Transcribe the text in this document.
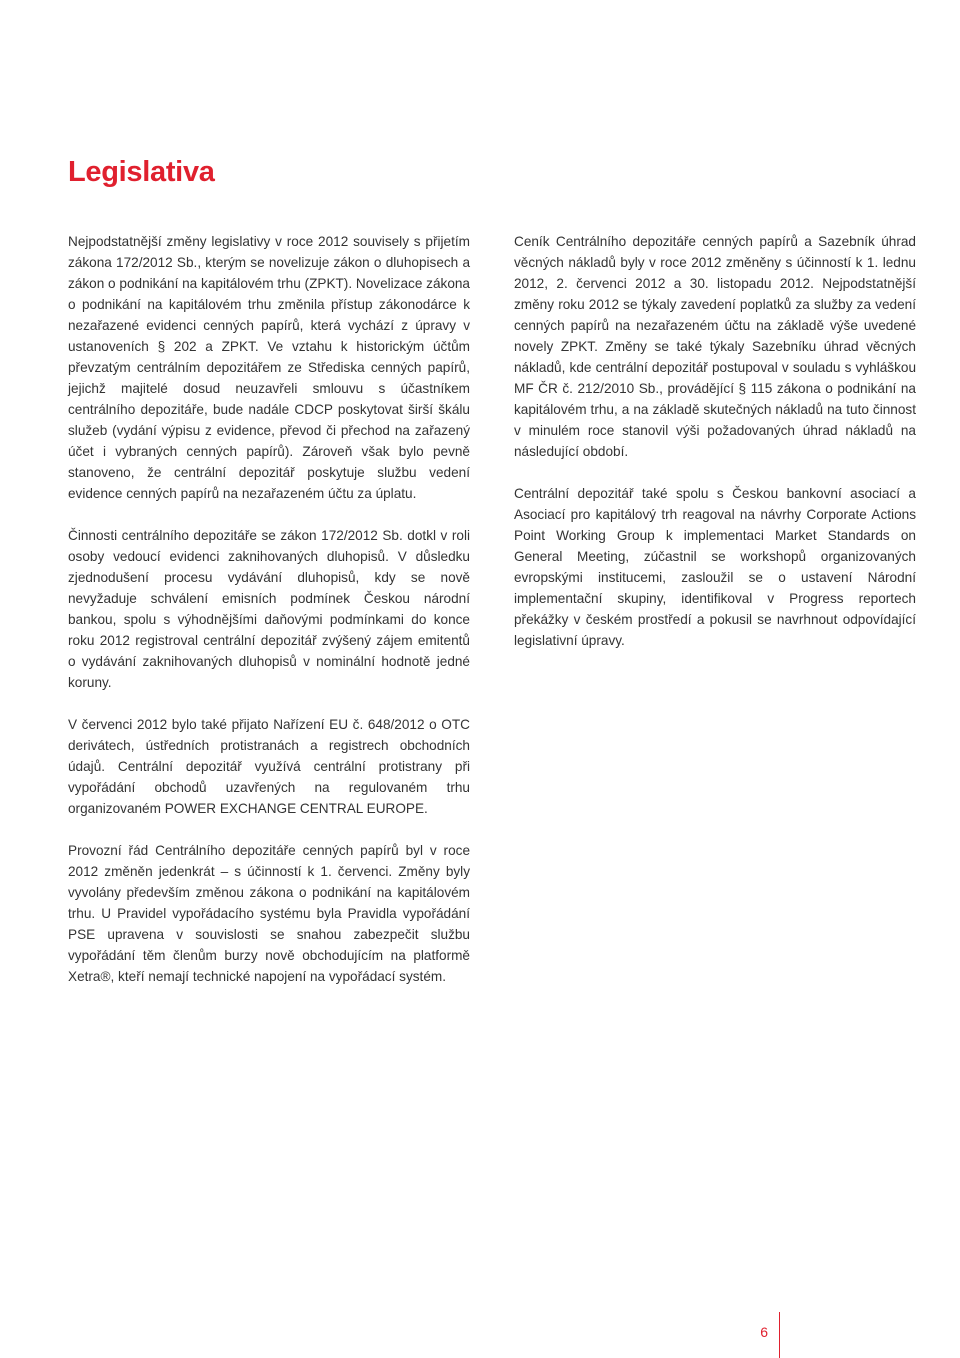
Legislativa

Nejpodstatnější změny legislativy v roce 2012 souvisely s přijetím zákona 172/2012 Sb., kterým se novelizuje zákon o dluhopisech a zákon o podnikání na kapitálovém trhu (ZPKT). Novelizace zákona o podnikání na kapitálovém trhu změnila přístup zákonodárce k nezařazené evidenci cenných papírů, která vychází z úpravy v ustanoveních § 202 a ZPKT. Ve vztahu k historickým účtům převzatým centrálním depozitářem ze Střediska cenných papírů, jejichž majitelé dosud neuzavřeli smlouvu s účastníkem centrálního depozitáře, bude nadále CDCP poskytovat širší škálu služeb (vydání výpisu z evidence, převod či přechod na zařazený účet i vybraných cenných papírů). Zároveň však bylo pevně stanoveno, že centrální depozitář poskytuje službu vedení evidence cenných papírů na nezařazeném účtu za úplatu.

Činnosti centrálního depozitáře se zákon 172/2012 Sb. dotkl v roli osoby vedoucí evidenci zaknihovaných dluhopisů. V důsledku zjednodušení procesu vydávání dluhopisů, kdy se nově nevyžaduje schválení emisních podmínek Českou národní bankou, spolu s výhodnějšími daňovými podmínkami do konce roku 2012 registroval centrální depozitář zvýšený zájem emitentů o vydávání zaknihovaných dluhopisů v nominální hodnotě jedné koruny.

V červenci 2012 bylo také přijato Nařízení EU č. 648/2012 o OTC derivátech, ústředních protistranách a registrech obchodních údajů. Centrální depozitář využívá centrální protistrany při vypořádání obchodů uzavřených na regulovaném trhu organizovaném POWER EXCHANGE CENTRAL EUROPE.

Provozní řád Centrálního depozitáře cenných papírů byl v roce 2012 změněn jedenkrát – s účinností k 1. červenci. Změny byly vyvolány především změnou zákona o podnikání na kapitálovém trhu. U Pravidel vypořádacího systému byla Pravidla vypořádání PSE upravena v souvislosti se snahou zabezpečit službu vypořádání těm členům burzy nově obchodujícím na platformě Xetra®, kteří nemají technické napojení na vypořádací systém.

Ceník Centrálního depozitáře cenných papírů a Sazebník úhrad věcných nákladů byly v roce 2012 změněny s účinností k 1. lednu 2012, 2. červenci 2012 a 30. listopadu 2012. Nejpodstatnější změny roku 2012 se týkaly zavedení poplatků za služby za vedení cenných papírů na nezařazeném účtu na základě výše uvedené novely ZPKT. Změny se také týkaly Sazebníku úhrad věcných nákladů, kde centrální depozitář postupoval v souladu s vyhláškou MF ČR č. 212/2010 Sb., provádějící § 115 zákona o podnikání na kapitálovém trhu, a na základě skutečných nákladů na tuto činnost v minulém roce stanovil výši požadovaných úhrad nákladů na následující období.

Centrální depozitář také spolu s Českou bankovní asociací a Asociací pro kapitálový trh reagoval na návrhy Corporate Actions Point Working Group k implementaci Market Standards on General Meeting, zúčastnil se workshopů organizovaných evropskými institucemi, zasloužil se o ustavení Národní implementační skupiny, identifikoval v Progress reportech překážky v českém prostředí a pokusil se navrhnout odpovídající legislativní úpravy.

6
